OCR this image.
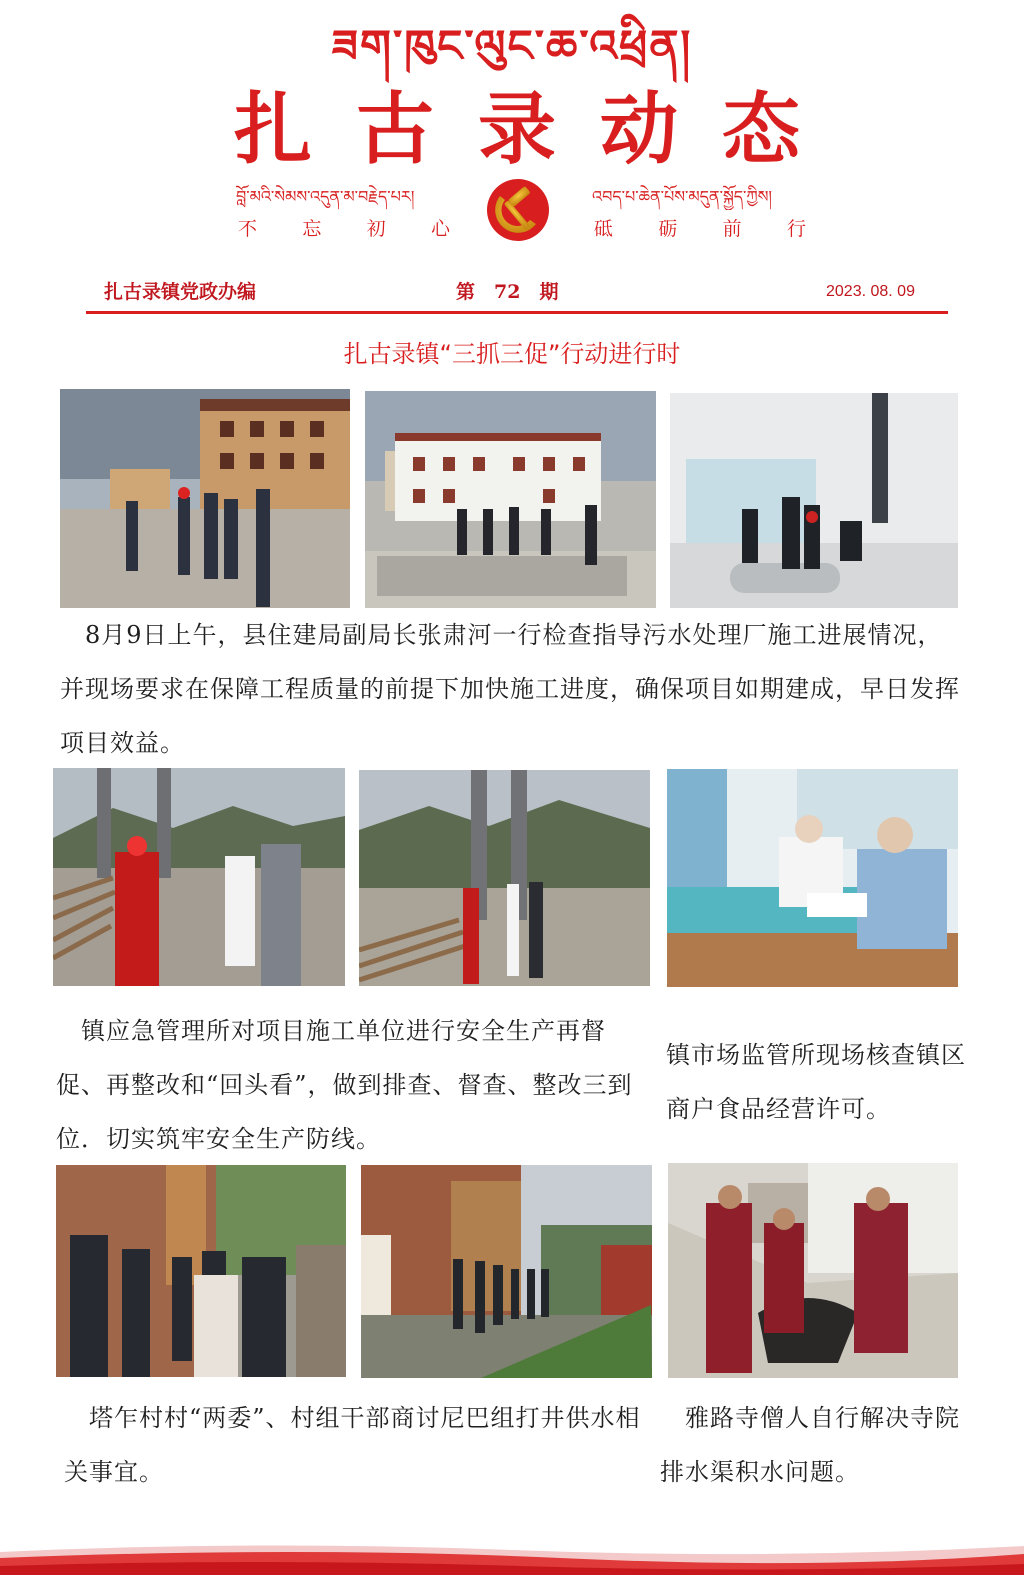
ཟག་ཁུང་ལུང་ཆ་འཕྲིན།
扎古录动态
བློ་མའི་སེམས་འདུན་མ་བརྗེད་པར།	འབད་པ་ཆེན་པོས་མདུན་སྐྱོད་ཀྱིས།
不 忘 初 心	砥 砺 前 行
扎古录镇党政办编	第　72　期	2023. 08. 09
扎古录镇“三抓三促”行动进行时
　8月9日上午，县住建局副局长张肃河一行检查指导污水处理厂施工进展情况，并现场要求在保障工程质量的前提下加快施工进度，确保项目如期建成，早日发挥项目效益。
　镇应急管理所对项目施工单位进行安全生产再督促、再整改和“回头看”，做到排查、督查、整改三到位．切实筑牢安全生产防线。
镇市场监管所现场核查镇区商户食品经营许可。
　塔乍村村“两委”、村组干部商讨尼巴组打井供水相关事宜。
　雅路寺僧人自行解决寺院排水渠积水问题。
